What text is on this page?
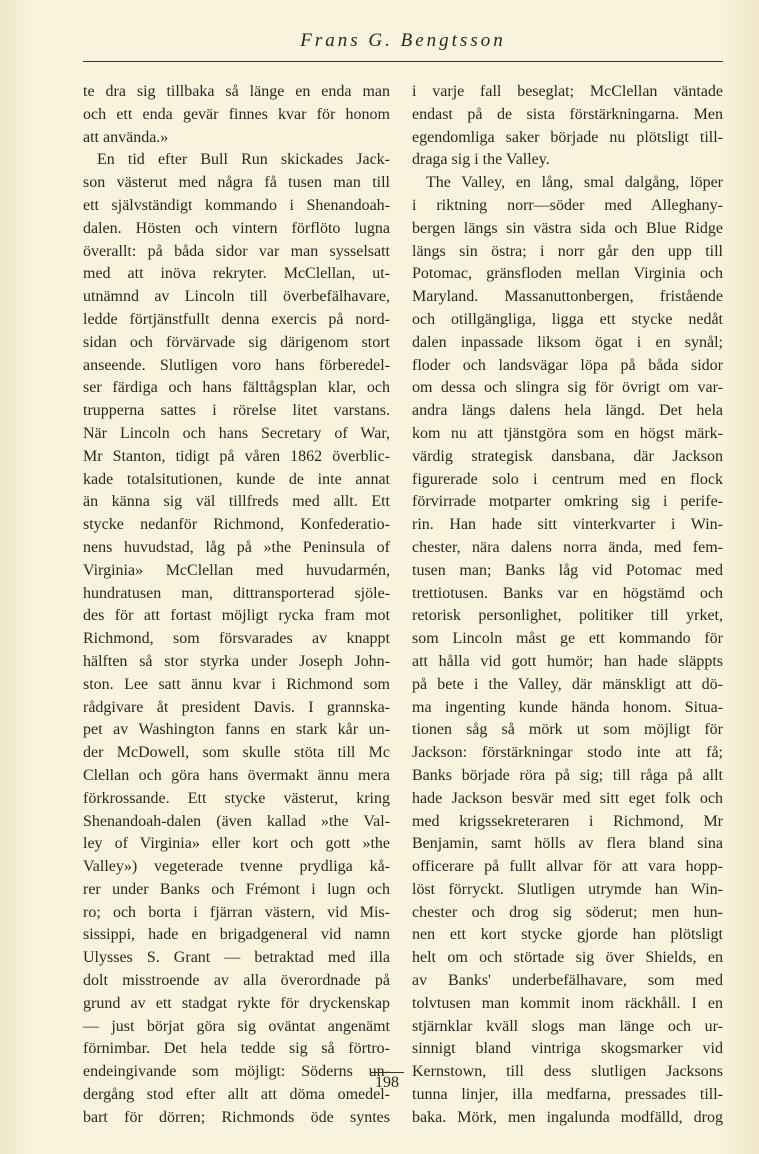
Frans G. Bengtsson
te dra sig tillbaka så länge en enda man
och ett enda gevär finnes kvar för honom
att använda.»
En tid efter Bull Run skickades Jack-
son västerut med några få tusen man till
ett självständigt kommando i Shenandoah-
dalen. Hösten och vintern förflöto lugna
överallt: på båda sidor var man sysselsatt
med att inöva rekryter. McClellan, ut-
utnämnd av Lincoln till överbefälhavare,
ledde förtjänstfullt denna exercis på nord-
sidan och förvärvade sig därigenom stort
anseende. Slutligen voro hans förberedel-
ser färdiga och hans fälttågsplan klar, och
trupperna sattes i rörelse litet varstans.
När Lincoln och hans Secretary of War,
Mr Stanton, tidigt på våren 1862 överblic-
kade totalsitutionen, kunde de inte annat
än känna sig väl tillfreds med allt. Ett
stycke nedanför Richmond, Konfederatio-
nens huvudstad, låg på »the Peninsula of
Virginia» McClellan med huvudarmén,
hundratusen man, dittransporterad sjöle-
des för att fortast möjligt rycka fram mot
Richmond, som försvarades av knappt
hälften så stor styrka under Joseph John-
ston. Lee satt ännu kvar i Richmond som
rådgivare åt president Davis. I grannska-
pet av Washington fanns en stark kår un-
der McDowell, som skulle stöta till Mc
Clellan och göra hans övermakt ännu mera
förkrossande. Ett stycke västerut, kring
Shenandoah-dalen (även kallad »the Val-
ley of Virginia» eller kort och gott »the
Valley») vegeterade tvenne prydliga kå-
rer under Banks och Frémont i lugn och
ro; och borta i fjärran västern, vid Mis-
sissippi, hade en brigadgeneral vid namn
Ulysses S. Grant — betraktad med illa
dolt misstroende av alla överordnade på
grund av ett stadgat rykte för dryckenskap
— just börjat göra sig oväntat angenämt
förnimbar. Det hela tedde sig så förtro-
endeingivande som möjligt: Söderns un-
dergång stod efter allt att döma omedel-
bart för dörren; Richmonds öde syntes
i varje fall beseglat; McClellan väntade
endast på de sista förstärkningarna. Men
egendomliga saker började nu plötsligt till-
draga sig i the Valley.
The Valley, en lång, smal dalgång, löper
i riktning norr—söder med Alleghany-
bergen längs sin västra sida och Blue Ridge
längs sin östra; i norr går den upp till
Potomac, gränsfloden mellan Virginia och
Maryland. Massanuttonbergen, fristående
och otillgängliga, ligga ett stycke nedåt
dalen inpassade liksom ögat i en synål;
floder och landsvägar löpa på båda sidor
om dessa och slingra sig för övrigt om var-
andra längs dalens hela längd. Det hela
kom nu att tjänstgöra som en högst märk-
värdig strategisk dansbana, där Jackson
figurerade solo i centrum med en flock
förvirrade motparter omkring sig i perife-
rin. Han hade sitt vinterkvarter i Win-
chester, nära dalens norra ända, med fem-
tusen man; Banks låg vid Potomac med
trettiotusen. Banks var en högstämd och
retorisk personlighet, politiker till yrket,
som Lincoln måst ge ett kommando för
att hålla vid gott humör; han hade släppts
på bete i the Valley, där mänskligt att dö-
ma ingenting kunde hända honom. Situa-
tionen såg så mörk ut som möjligt för
Jackson: förstärkningar stodo inte att få;
Banks började röra på sig; till råga på allt
hade Jackson besvär med sitt eget folk och
med krigssekreteraren i Richmond, Mr
Benjamin, samt hölls av flera bland sina
officerare på fullt allvar för att vara hopp-
löst förryckt. Slutligen utrymde han Win-
chester och drog sig söderut; men hun-
nen ett kort stycke gjorde han plötsligt
helt om och störtade sig över Shields, en
av Banks' underbefälhavare, som med
tolvtusen man kommit inom räckhåll. I en
stjärnklar kväll slogs man länge och ur-
sinnigt bland vintriga skogsmarker vid
Kernstown, till dess slutligen Jacksons
tunna linjer, illa medfarna, pressades till-
baka. Mörk, men ingalunda modfälld, drog
198
